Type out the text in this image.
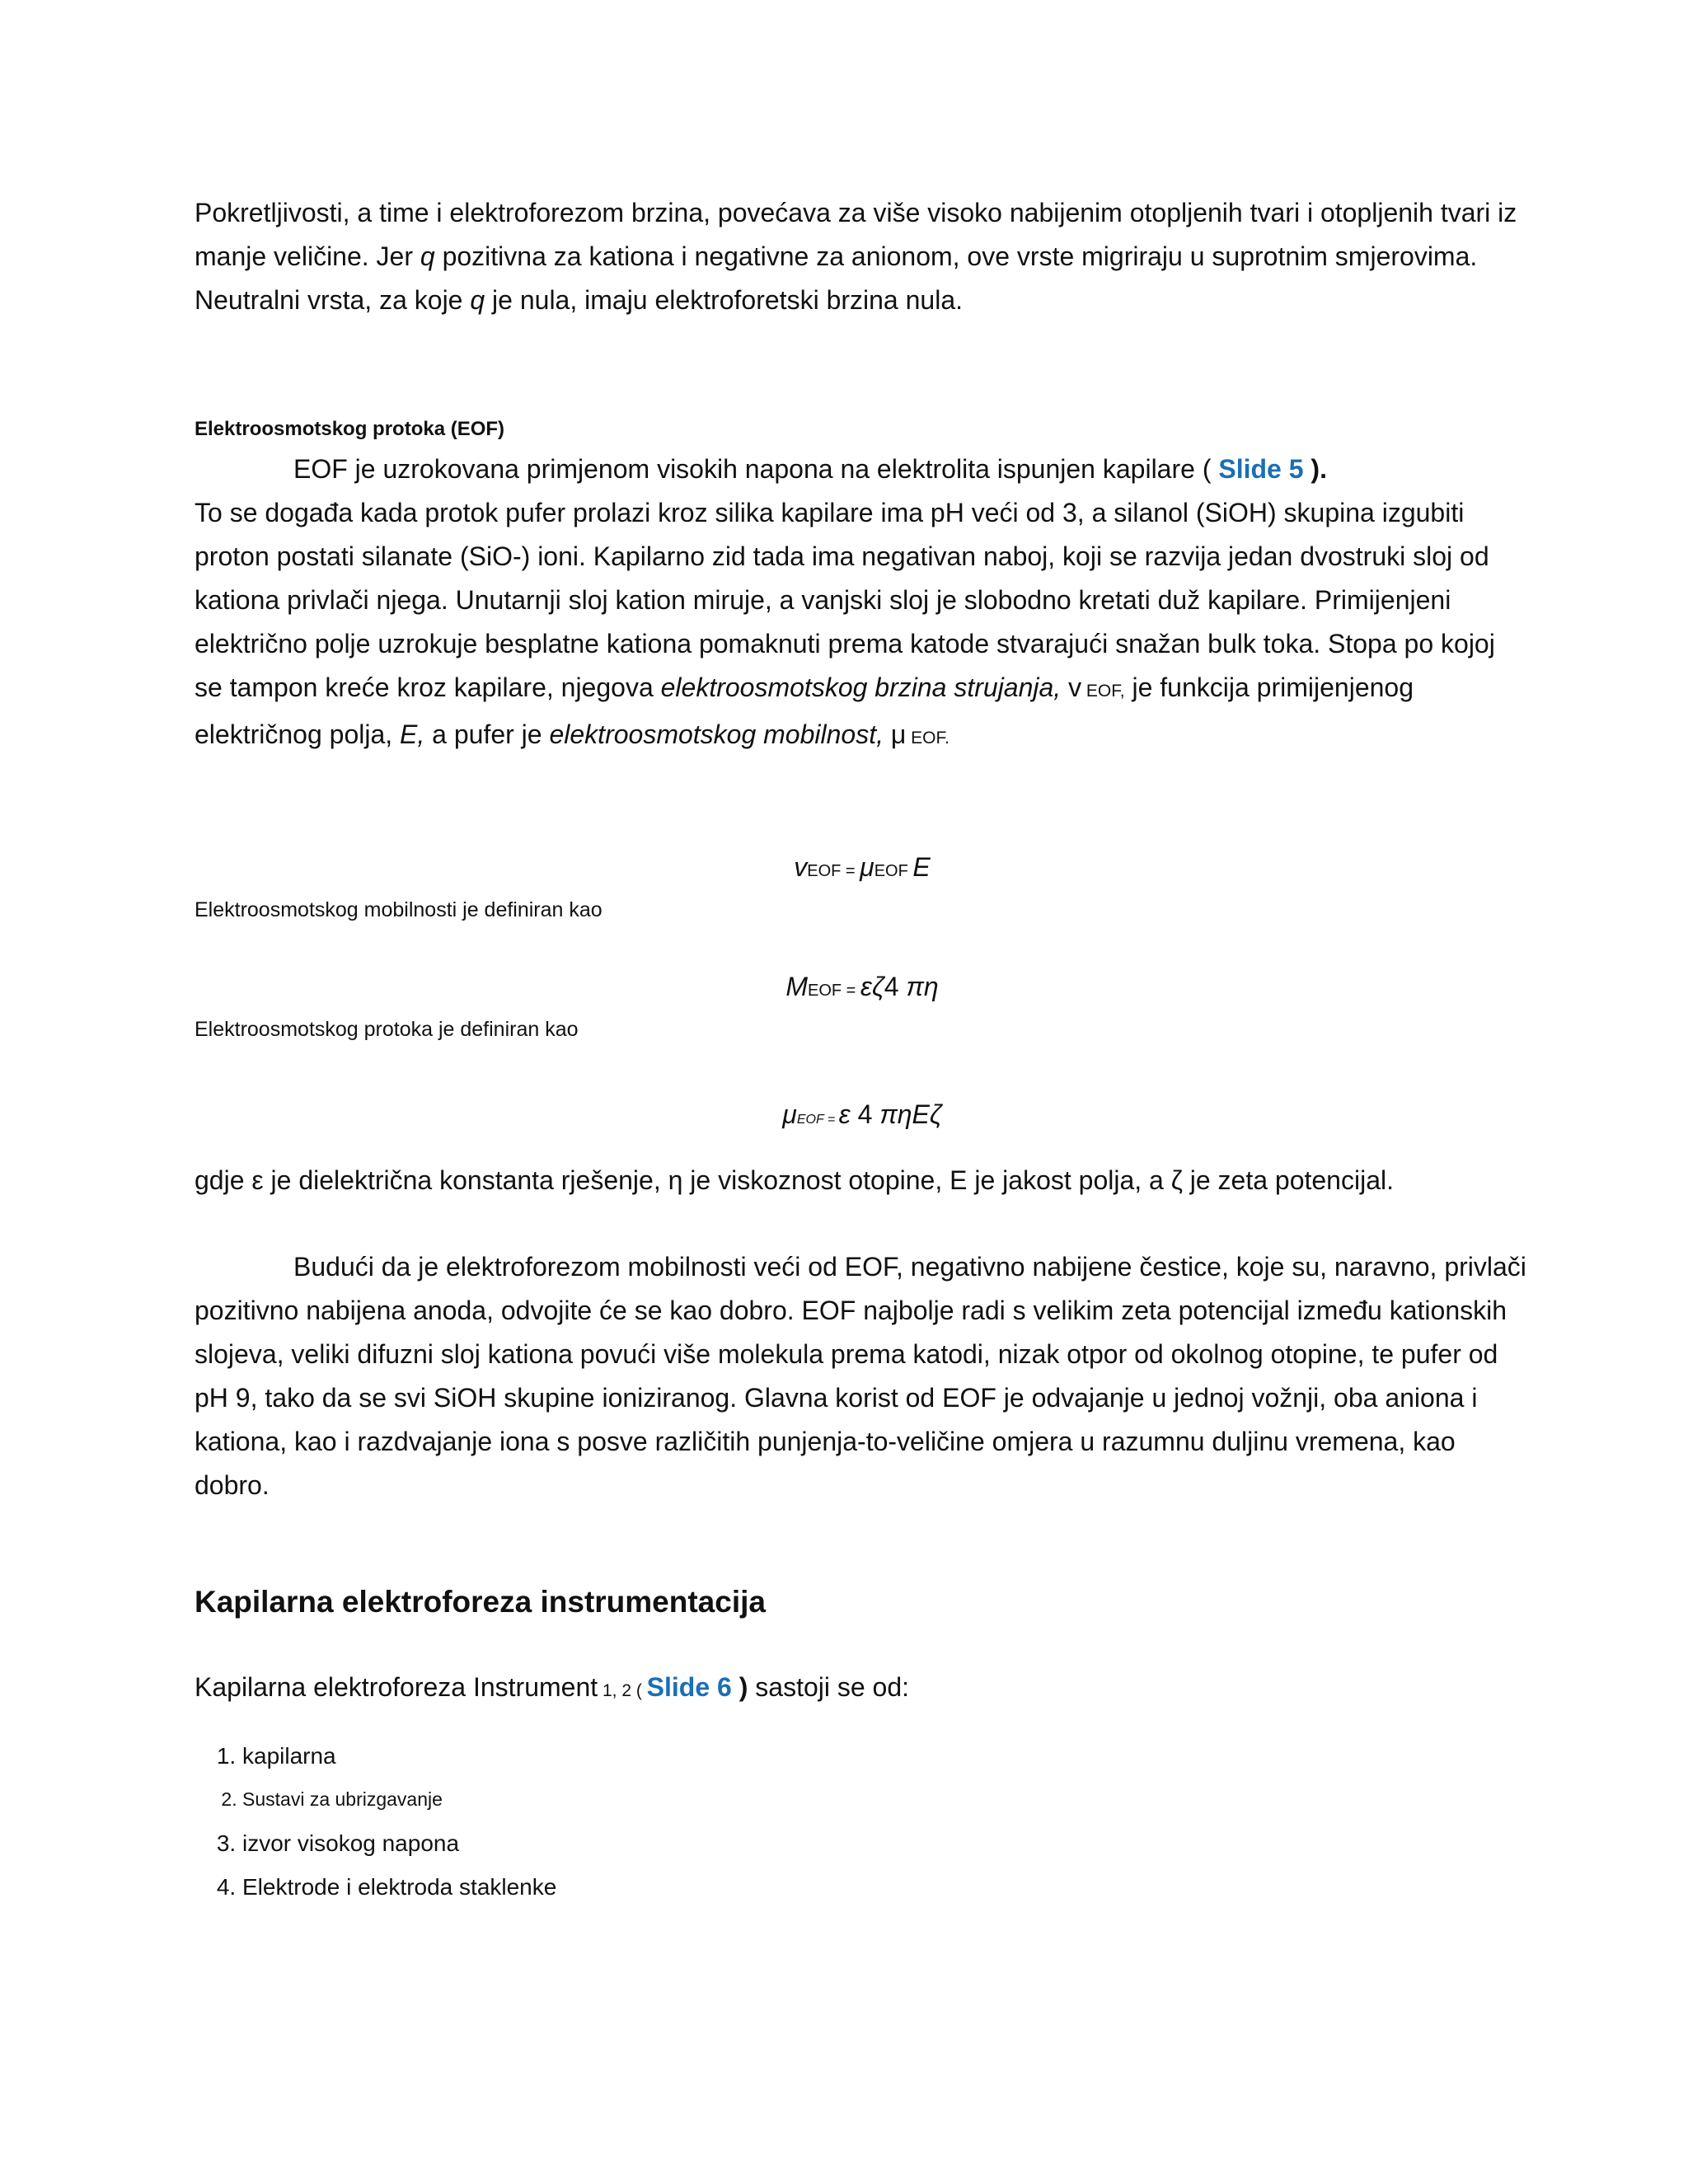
Pokretljivosti, a time i elektroforezom brzina, povećava za više visoko nabijenim otopljenih tvari i otopljenih tvari iz manje veličine. Jer q pozitivna za kationa i negativne za anionom, ove vrste migriraju u suprotnim smjerovima. Neutralni vrsta, za koje q je nula, imaju elektroforetski brzina nula.

Elektroosmotskog protoka (EOF)

EOF je uzrokovana primjenom visokih napona na elektrolita ispunjen kapilare ( Slide 5 ).

To se događa kada protok pufer prolazi kroz silika kapilare ima pH veći od 3, a silanol (SiOH) skupina izgubiti proton postati silanate (SiO-) ioni. Kapilarno zid tada ima negativan naboj, koji se razvija jedan dvostruki sloj od kationa privlači njega. Unutarnji sloj kation miruje, a vanjski sloj je slobodno kretati duž kapilare. Primijenjeni električno polje uzrokuje besplatne kationa pomaknuti prema katode stvarajući snažan bulk toka. Stopa po kojoj se tampon kreće kroz kapilare, njegova elektroosmotskog brzina strujanja, v EOF, je funkcija primijenjenog električnog polja, E, a pufer je elektroosmotskog mobilnost, μ EOF.

vEOF = μEOF E

Elektroosmotskog mobilnosti je definiran kao

MEOF = εζ4 πη

Elektroosmotskog protoka je definiran kao

μEOF = ε 4 πηEζ

gdje ε je dielektrična konstanta rješenje, η je viskoznost otopine, E je jakost polja, a ζ je zeta potencijal.

Budući da je elektroforezom mobilnosti veći od EOF, negativno nabijene čestice, koje su, naravno, privlači pozitivno nabijena anoda, odvojite će se kao dobro. EOF najbolje radi s velikim zeta potencijal između kationskih slojeva, veliki difuzni sloj kationa povući više molekula prema katodi, nizak otpor od okolnog otopine, te pufer od pH 9, tako da se svi SiOH skupine ioniziranog. Glavna korist od EOF je odvajanje u jednoj vožnji, oba aniona i kationa, kao i razdvajanje iona s posve različitih punjenja-to-veličine omjera u razumnu duljinu vremena, kao dobro.

Kapilarna elektroforeza instrumentacija

Kapilarna elektroforeza Instrument 1, 2 ( Slide 6 ) sastoji se od:

1. kapilarna
2. Sustavi za ubrizgavanje
3. izvor visokog napona
4. Elektrode i elektroda staklenke
